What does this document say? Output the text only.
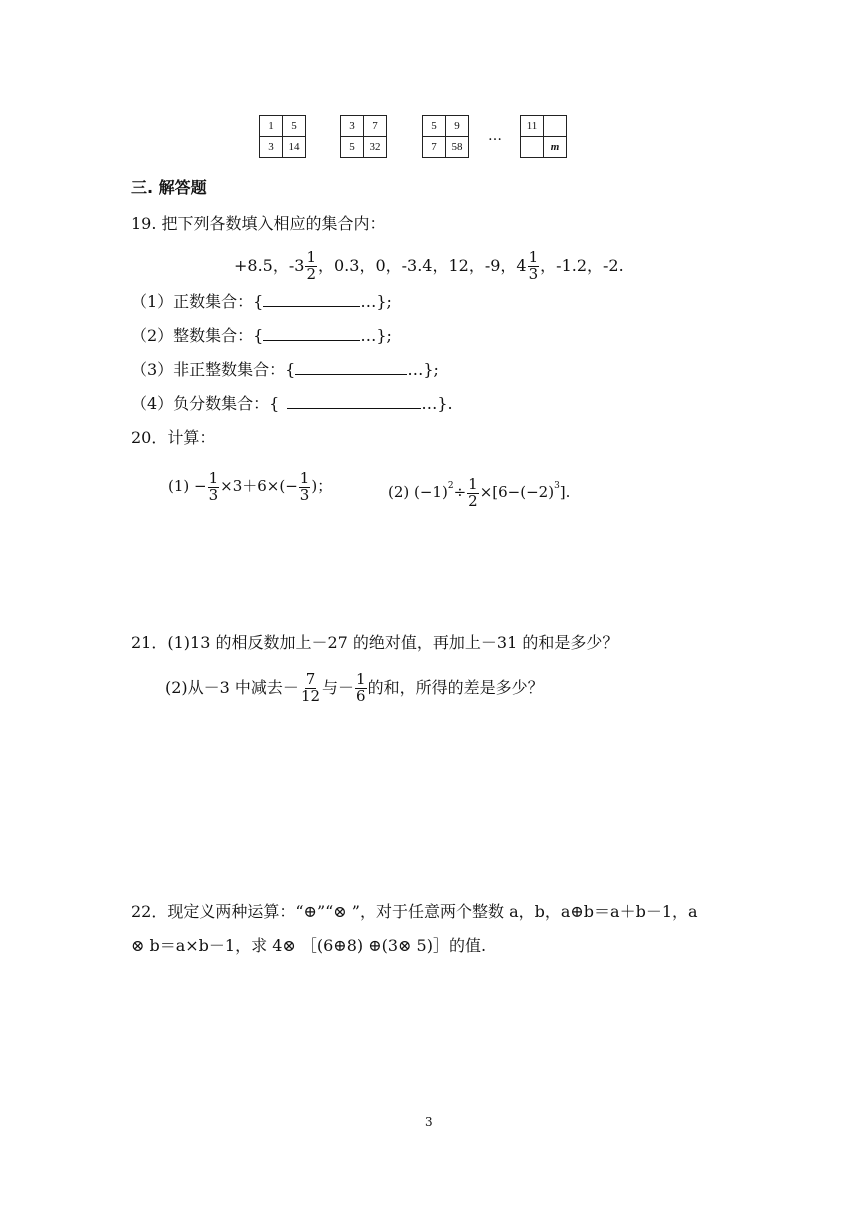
1	5
3	14
3	7
5	32
5	9
7	58
…
11	
	m
三. 解答题
19. 把下列各数填入相应的集合内：
+8.5，$-3 \frac{1}{2}$ ，0.3，0，-3.4，12，-9，$4 \frac{1}{3}$ ，-1.2，-2.
（1）正数集合：{	…};
（2）整数集合：{	…};
（3）非正整数集合：{	…};
（4）负分数集合：{	…}.
20．计算：
$(1) - \frac{1}{3} \times 3+6\times(- \frac{1}{3}$ )；	(2) $(-1)^2\div \frac{1}{2} \times[6-(-2)^3]$.
21．(1)13 的相反数加上－27 的绝对值，再加上－31 的和是多少？
(2)从－3 中减去－ $\frac{7}{12}$ 与－ $\frac{1}{6}$ 的和，所得的差是多少？
22．现定义两种运算：“⊕”“⊗ ”，对于任意两个整数 a，b，a⊕b＝a＋b－1，a
⊗ b＝a×b－1，求 4⊗ ［(6⊕8) ⊕(3⊗ 5)］的值.
3
